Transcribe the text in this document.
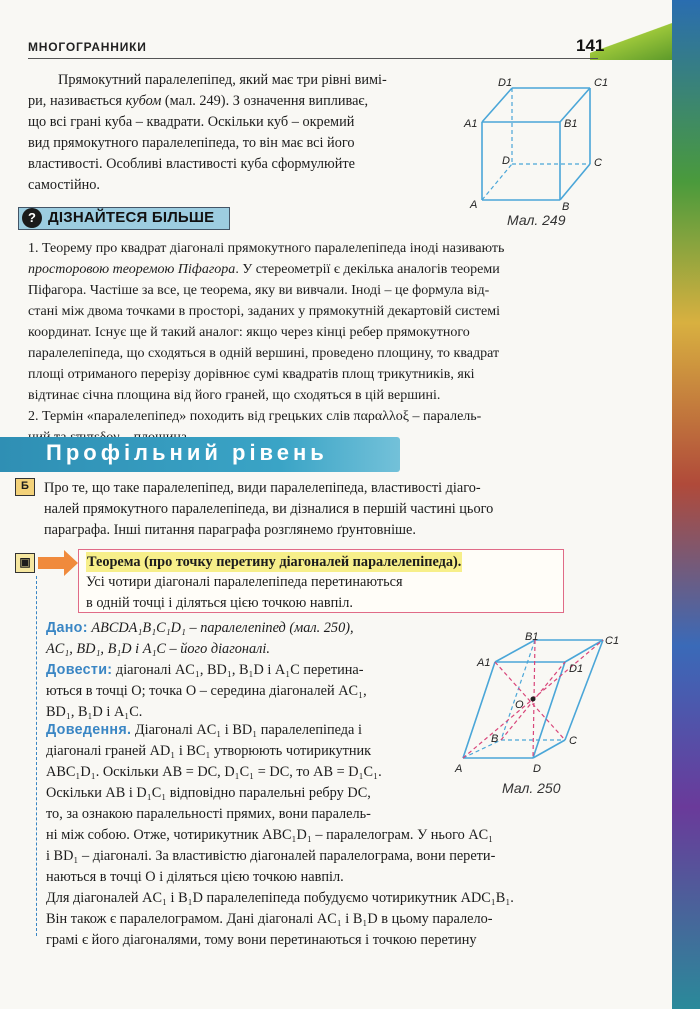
МНОГОГРАННИКИ	141

Прямокутний паралелепіпед, який має три рівні вимі-
ри, називається кубом (мал. 249). З означення випливає,
що всі грані куба – квадрати. Оскільки куб – окремий
вид прямокутного паралелепіпеда, то він має всі його
властивості. Особливі властивості куба сформулюйте
самостійно.

D1	C1
A1	B1
D	C
A	B
Мал. 249
? ДІЗНАЙТЕСЯ БІЛЬШЕ

1. Теорему про квадрат діагоналі прямокутного паралелепіпеда іноді називають
просторовою теоремою Піфагора. У стереометрії є декілька аналогів теореми
Піфагора. Частіше за все, це теорема, яку ви вивчали. Іноді – це формула від-
стані між двома точками в просторі, заданих у прямокутній декартовій системі
координат. Існує ще й такий аналог: якщо через кінці ребер прямокутного
паралелепіпеда, що сходяться в одній вершині, проведено площину, то квадрат
площі отриманого перерізу дорівнює сумі квадратів площ трикутників, які
відтинає січна площина від його граней, що сходяться в цій вершині.
2. Термін «паралелепіпед» походить від грецьких слів παραλλοξ – паралель-

Профільний рівень
Б	Про те, що таке паралелепіпед, види паралелепіпеда, властивості діаго-
налей прямокутного паралелепіпеда, ви дізналися в першій частині цього
параграфа. Інші питання параграфа розглянемо ґрунтовніше.

▣	Теорема (про точку перетину діагоналей паралелепіпеда).

Усі чотири діагоналі паралелепіпеда перетинаються
в одній точці і діляться цією точкою навпіл.

Дано: ABCDA₁B₁C₁D₁ – паралелепіпед (мал. 250),
AC₁, BD₁, B₁D і A₁C – його діагоналі.

Довести: діагоналі AC₁, BD₁, B₁D і A₁C перетина-
ються в точці O; точка O – середина діагоналей AC₁,
BD₁, B₁D і A₁C.

Доведення. Діагоналі AC₁ і BD₁ паралелепіпеда і
діагоналі граней AD₁ і BC₁ утворюють чотирикутник
ABC₁D₁. Оскільки AB = DC, D₁C₁ = DC, то AB = D₁C₁.
Оскільки AB і D₁C₁ відповідно паралельні ребру DC,
то, за ознакою паралельності прямих, вони паралель-

B1	C1
A1	D1
O
B	C
A	D
Мал. 250

ні між собою. Отже, чотирикутник ABC₁D₁ – паралелограм. У нього AC₁
і BD₁ – діагоналі. За властивістю діагоналей паралелограма, вони перети-
наються в точці O і діляться цією точкою навпіл.
Для діагоналей AC₁ і B₁D паралелепіпеда побудуємо чотирикутник ADC₁B₁.
Він також є паралелограмом. Дані діагоналі AC₁ і B₁D в цьому паралело-
грамі є його діагоналями, тому вони перетинаються і точкою перетину
